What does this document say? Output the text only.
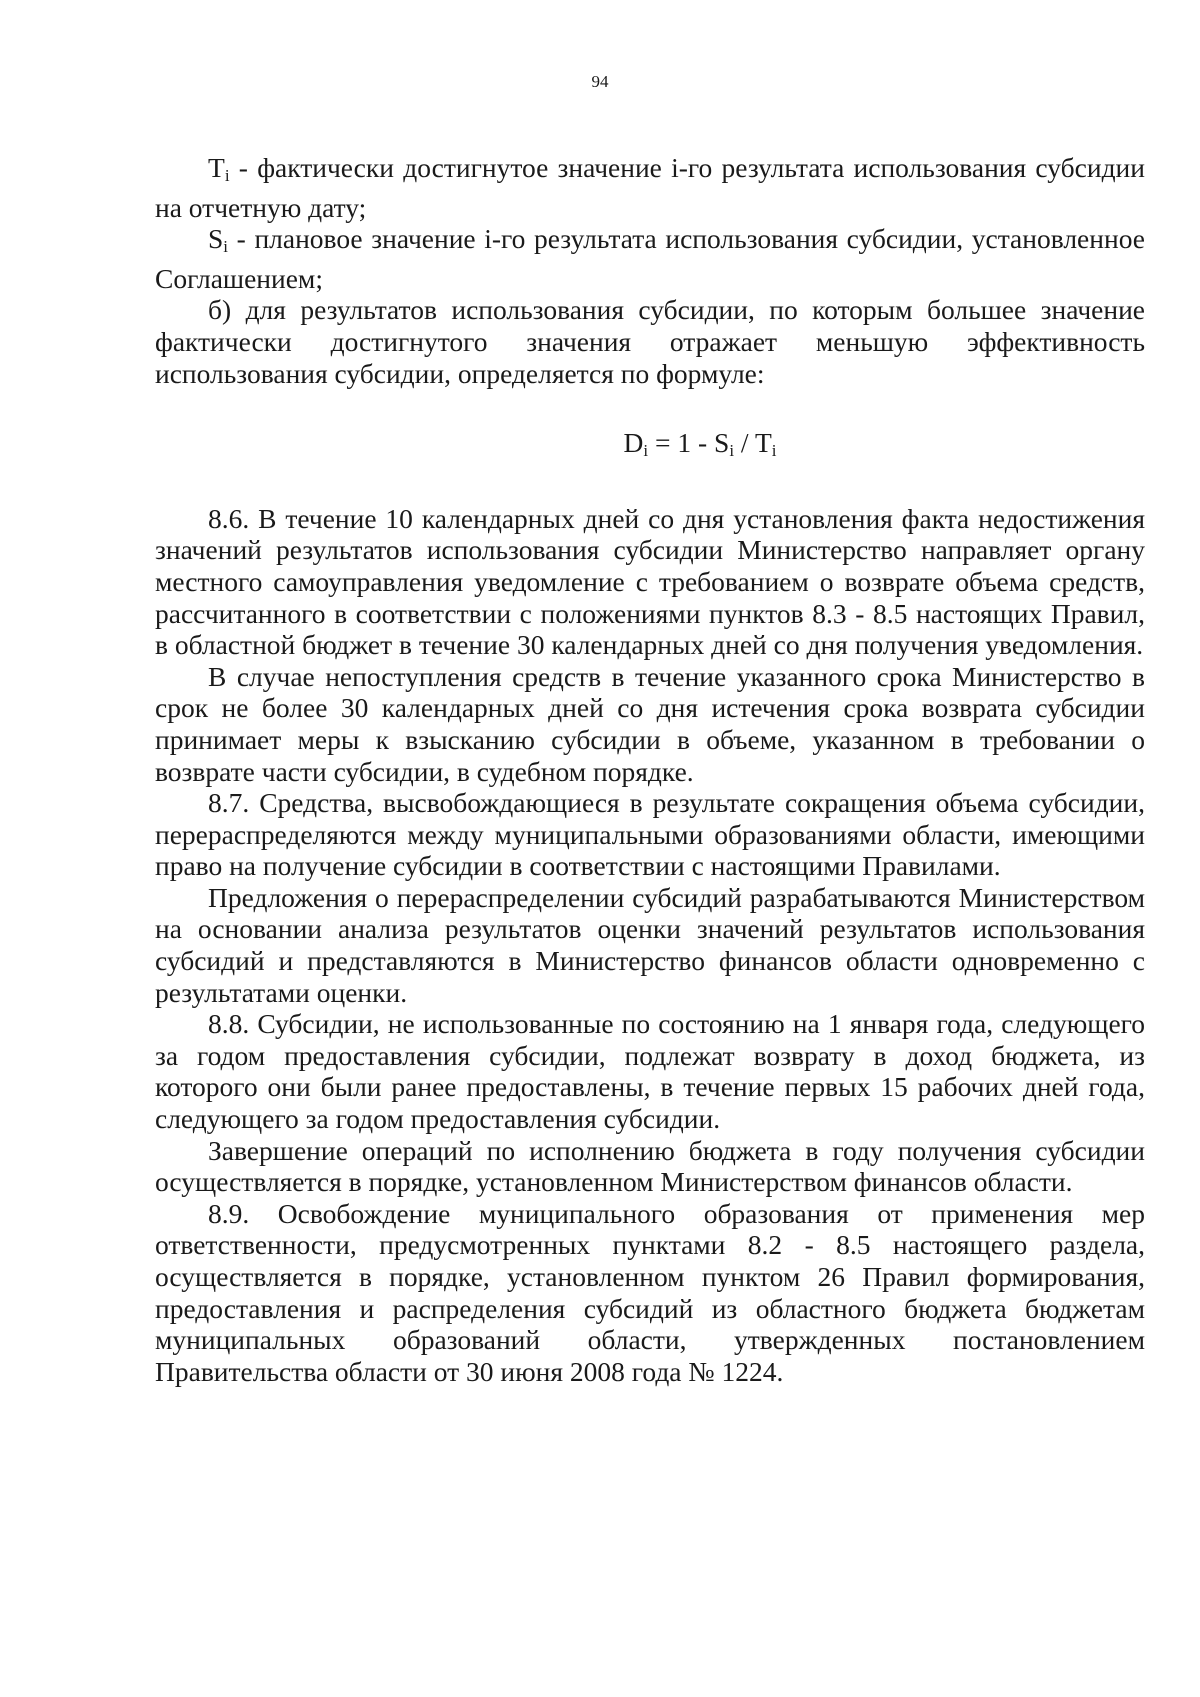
94

$T_i$ - фактически достигнутое значение i-го результата использования субсидии на отчетную дату;

$S_i$ - плановое значение i-го результата использования субсидии, установленное Соглашением;

б) для результатов использования субсидии, по которым большее значение фактически достигнутого значения отражает меньшую эффективность использования субсидии, определяется по формуле:

$D_i = 1 - S_i / T_i$

8.6. В течение 10 календарных дней со дня установления факта недостижения значений результатов использования субсидии Министерство направляет органу местного самоуправления уведомление с требованием о возврате объема средств, рассчитанного в соответствии с положениями пунктов 8.3 - 8.5 настоящих Правил, в областной бюджет в течение 30 календарных дней со дня получения уведомления.

В случае непоступления средств в течение указанного срока Министерство в срок не более 30 календарных дней со дня истечения срока возврата субсидии принимает меры к взысканию субсидии в объеме, указанном в требовании о возврате части субсидии, в судебном порядке.

8.7. Средства, высвобождающиеся в результате сокращения объема субсидии, перераспределяются между муниципальными образованиями области, имеющими право на получение субсидии в соответствии с настоящими Правилами.

Предложения о перераспределении субсидий разрабатываются Министерством на основании анализа результатов оценки значений результатов использования субсидий и представляются в Министерство финансов области одновременно с результатами оценки.

8.8. Субсидии, не использованные по состоянию на 1 января года, следующего за годом предоставления субсидии, подлежат возврату в доход бюджета, из которого они были ранее предоставлены, в течение первых 15 рабочих дней года, следующего за годом предоставления субсидии.

Завершение операций по исполнению бюджета в году получения субсидии осуществляется в порядке, установленном Министерством финансов области.

8.9. Освобождение муниципального образования от применения мер ответственности, предусмотренных пунктами 8.2 - 8.5 настоящего раздела, осуществляется в порядке, установленном пунктом 26 Правил формирования, предоставления и распределения субсидий из областного бюджета бюджетам муниципальных образований области, утвержденных постановлением Правительства области от 30 июня 2008 года № 1224.
